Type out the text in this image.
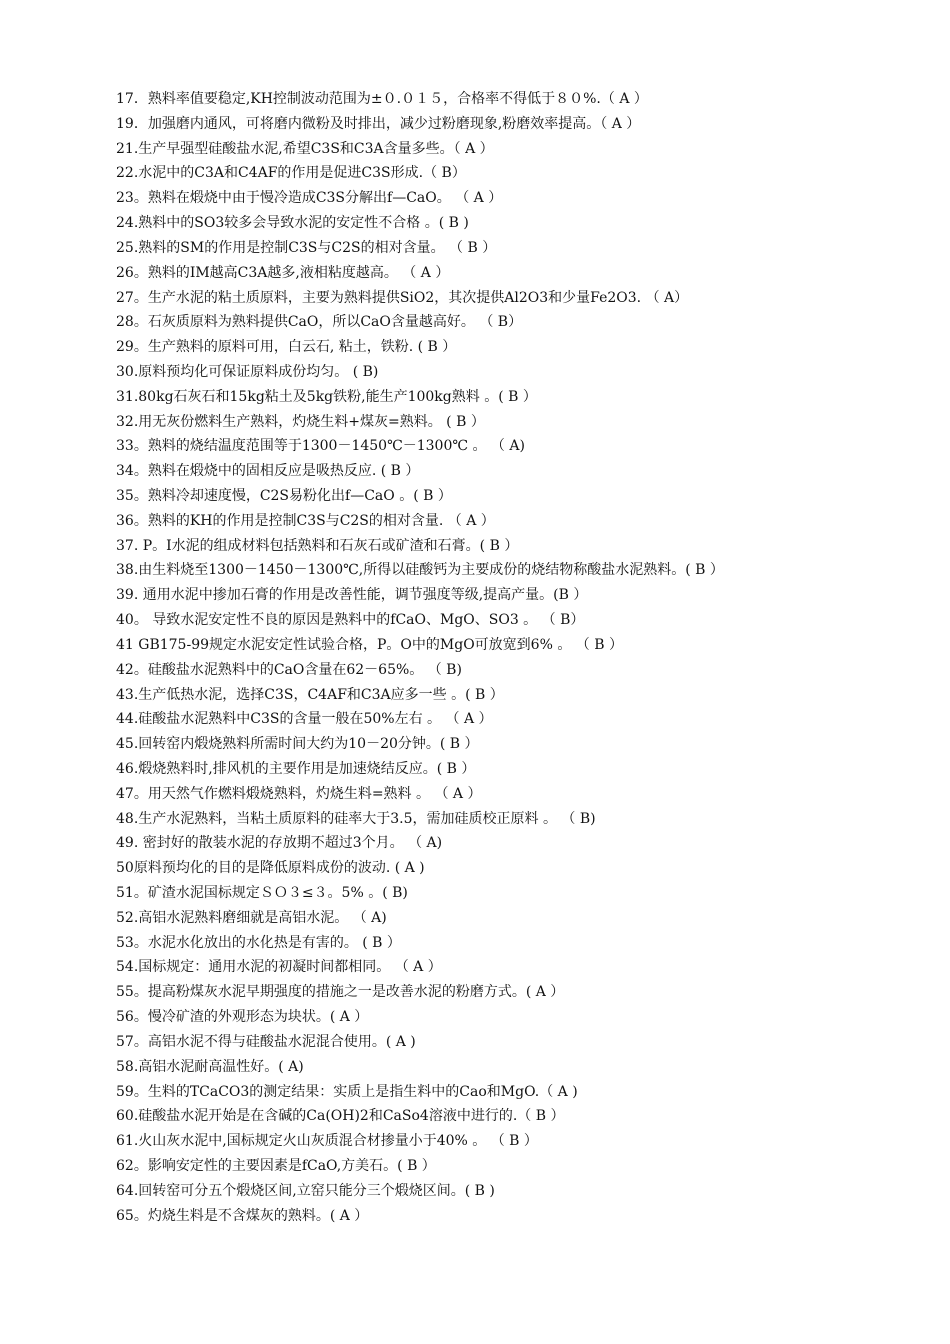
17．熟料率值要稳定,KH控制波动范围为±０.０１５，合格率不得低于８０%.（ A ）
19．加强磨内通风，可将磨内微粉及时排出，减少过粉磨现象,粉磨效率提高。（ A ）
21.生产早强型硅酸盐水泥,希望C3S和C3A含量多些。（ A ）
22.水泥中的C3A和C4AF的作用是促进C3S形成.（ B）
23。熟料在煅烧中由于慢冷造成C3S分解出f—CaO。 （ A ）
24.熟料中的SO3较多会导致水泥的安定性不合格 。( B )
25.熟料的SM的作用是控制C3S与C2S的相对含量。 （ B ）
26。熟料的IM越高C3A越多,液相粘度越高。 （ A ）
27。生产水泥的粘土质原料，主要为熟料提供SiO2，其次提供Al2O3和少量Fe2O3. （ A）
28。石灰质原料为熟料提供CaO，所以CaO含量越高好。 （ B）
29。生产熟料的原料可用，白云石, 粘土，铁粉. ( B ）
30.原料预均化可保证原料成份均匀。 ( B)
31.80kg石灰石和15kg粘土及5kg铁粉,能生产100kg熟料 。( B ）
32.用无灰份燃料生产熟料，灼烧生料+煤灰=熟料。 ( B ）
33。熟料的烧结温度范围等于1300－1450℃－1300℃ 。 （ A)
34。熟料在煅烧中的固相反应是吸热反应. ( B ）
35。熟料冷却速度慢，C2S易粉化出f—CaO 。( B ）
36。熟料的KH的作用是控制C3S与C2S的相对含量. （ A ）
37. P。I水泥的组成材料包括熟料和石灰石或矿渣和石膏。( B ）
38.由生料烧至1300－1450－1300℃,所得以硅酸钙为主要成份的烧结物称酸盐水泥熟料。( B ）
39. 通用水泥中掺加石膏的作用是改善性能，调节强度等级,提高产量。(B ）
40。 导致水泥安定性不良的原因是熟料中的fCaO、MgO、SO3 。 （ B）
41 GB175-99规定水泥安定性试验合格，P。O中的MgO可放宽到6% 。 （ B ）
42。硅酸盐水泥熟料中的CaO含量在62－65%。 （ B)
43.生产低热水泥，选择C3S，C4AF和C3A应多一些 。( B ）
44.硅酸盐水泥熟料中C3S的含量一般在50%左右 。 （ A ）
45.回转窑内煅烧熟料所需时间大约为10－20分钟。( B ）
46.煅烧熟料时,排风机的主要作用是加速烧结反应。( B ）
47。用天然气作燃料煅烧熟料，灼烧生料=熟料 。 （ A ）
48.生产水泥熟料，当粘土质原料的硅率大于3.5，需加硅质校正原料 。 （ B)
49. 密封好的散装水泥的存放期不超过3个月。 （ A)
50原料预均化的目的是降低原料成份的波动. ( A )
51。矿渣水泥国标规定ＳＯ３≤３。5% 。( B)
52.高铝水泥熟料磨细就是高铝水泥。 （ A)
53。水泥水化放出的水化热是有害的。 ( B ）
54.国标规定：通用水泥的初凝时间都相同。 （ A ）
55。提高粉煤灰水泥早期强度的措施之一是改善水泥的粉磨方式。( A ）
56。慢冷矿渣的外观形态为块状。( A ）
57。高铝水泥不得与硅酸盐水泥混合使用。( A )
58.高铝水泥耐高温性好。( A)
59。生料的TCaCO3的测定结果：实质上是指生料中的Cao和MgO.（ A )
60.硅酸盐水泥开始是在含碱的Ca(OH)2和CaSo4溶液中进行的.（ B ）
61.火山灰水泥中,国标规定火山灰质混合材掺量小于40% 。 （ B ）
62。影响安定性的主要因素是fCaO,方美石。( B ）
64.回转窑可分五个煅烧区间,立窑只能分三个煅烧区间。( B )
65。灼烧生料是不含煤灰的熟料。( A ）
